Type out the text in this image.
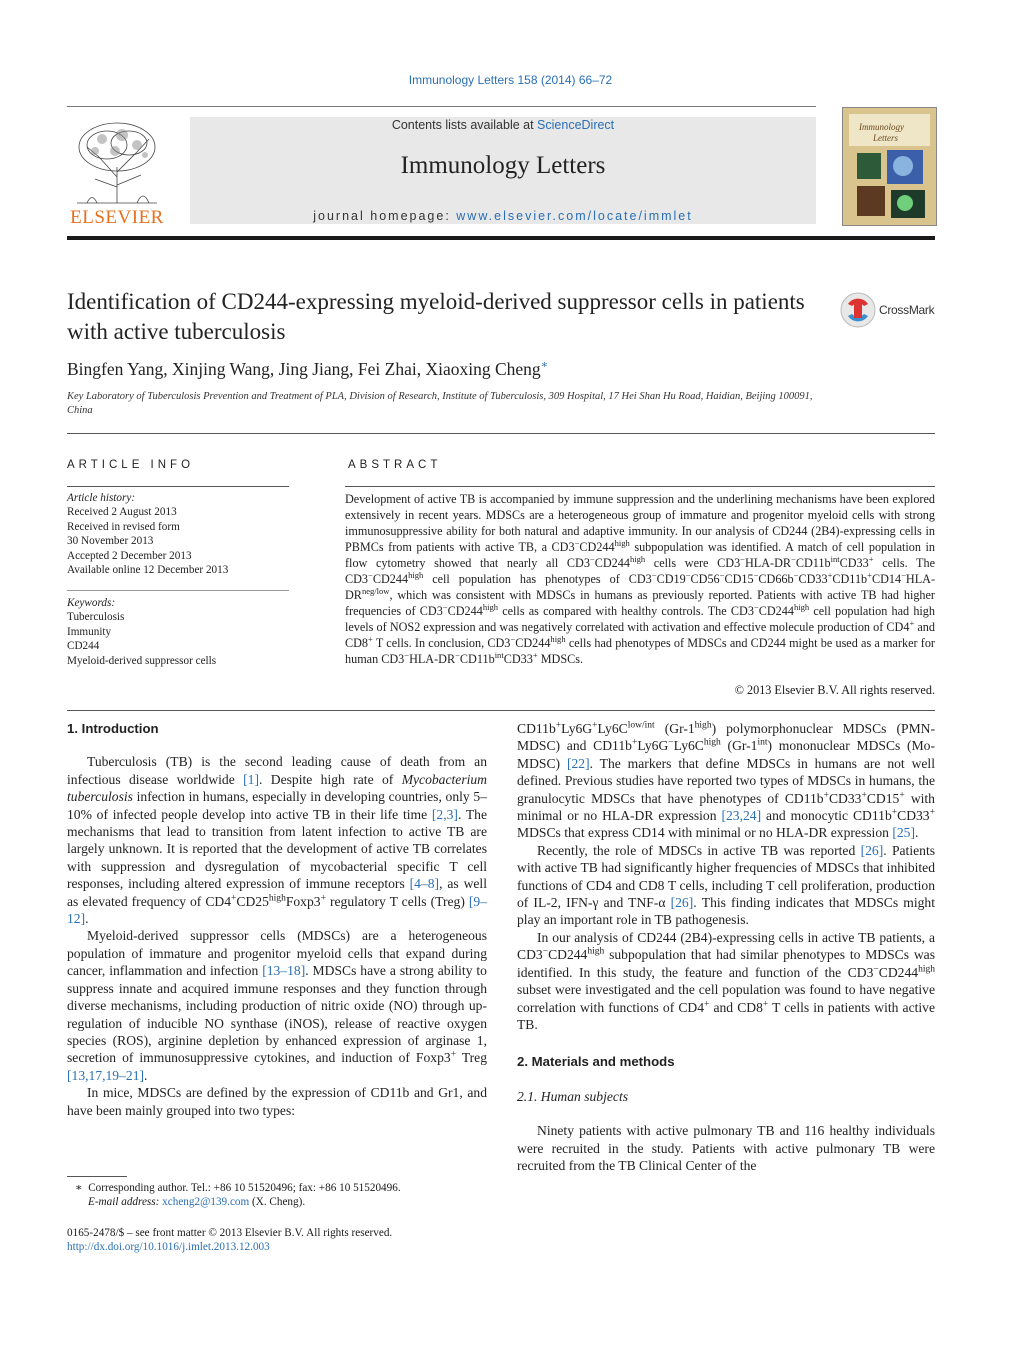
Immunology Letters 158 (2014) 66–72
ELSEVIER
Contents lists available at ScienceDirect
Immunology Letters
journal homepage: www.elsevier.com/locate/immlet
Immunology
Letters
Identification of CD244-expressing myeloid-derived suppressor cells in patients with active tuberculosis
CrossMark
Bingfen Yang, Xinjing Wang, Jing Jiang, Fei Zhai, Xiaoxing Cheng∗
Key Laboratory of Tuberculosis Prevention and Treatment of PLA, Division of Research, Institute of Tuberculosis, 309 Hospital, 17 Hei Shan Hu Road, Haidian, Beijing 100091, China
ARTICLE INFO	ABSTRACT
Article history:
Received 2 August 2013
Received in revised form
30 November 2013
Accepted 2 December 2013
Available online 12 December 2013
Keywords:
Tuberculosis
Immunity
CD244
Myeloid-derived suppressor cells
Development of active TB is accompanied by immune suppression and the underlining mechanisms have been explored extensively in recent years. MDSCs are a heterogeneous group of immature and progenitor myeloid cells with strong immunosuppressive ability for both natural and adaptive immunity. In our analysis of CD244 (2B4)-expressing cells in PBMCs from patients with active TB, a $CD3^-CD244^{high}$ subpopulation was identified. A match of cell population in flow cytometry showed that nearly all $CD3^-CD244^{high}$ cells were $CD3^-HLA-DR^-CD11b^{int}CD33^+$ cells. The $CD3^-CD244^{high}$ cell population has phenotypes of $CD3^-CD19^-CD56^-CD15^-CD66b^-CD33^+CD11b^+CD14^-HLA-DR^{neg/low}$, which was consistent with MDSCs in humans as previously reported. Patients with active TB had higher frequencies of $CD3^-CD244^{high}$ cells as compared with healthy controls. The $CD3^-CD244^{high}$ cell population had high levels of NOS2 expression and was negatively correlated with activation and effective molecule production of CD4+ and CD8+ T cells. In conclusion, $CD3^-CD244^{high}$ cells had phenotypes of MDSCs and CD244 might be used as a marker for human $CD3^-HLA-DR^-CD11b^{int}CD33^+$ MDSCs.
© 2013 Elsevier B.V. All rights reserved.
1. Introduction

Tuberculosis (TB) is the second leading cause of death from an infectious disease worldwide [1]. Despite high rate of Mycobacterium tuberculosis infection in humans, especially in developing countries, only 5–10% of infected people develop into active TB in their life time [2,3]. The mechanisms that lead to transition from latent infection to active TB are largely unknown. It is reported that the development of active TB correlates with suppression and dysregulation of mycobacterial specific T cell responses, including altered expression of immune receptors [4–8], as well as elevated frequency of $CD4^+CD25^{high}Foxp3^+$ regulatory T cells (Treg) [9–12].

Myeloid-derived suppressor cells (MDSCs) are a heterogeneous population of immature and progenitor myeloid cells that expand during cancer, inflammation and infection [13–18]. MDSCs have a strong ability to suppress innate and acquired immune responses and they function through diverse mechanisms, including production of nitric oxide (NO) through up-regulation of inducible NO synthase (iNOS), release of reactive oxygen species (ROS), arginine depletion by enhanced expression of arginase 1, secretion of immunosuppressive cytokines, and induction of Foxp3+ Treg [13,17,19–21].

In mice, MDSCs are defined by the expression of CD11b and Gr1, and have been mainly grouped into two types:

∗ Corresponding author. Tel.: +86 10 51520496; fax: +86 10 51520496.
E-mail address: xcheng2@139.com (X. Cheng).
0165-2478/$ – see front matter © 2013 Elsevier B.V. All rights reserved.
http://dx.doi.org/10.1016/j.imlet.2013.12.003

$CD11b^+Ly6G^+Ly6C^{low/int}$ $(Gr-1^{high})$ polymorphonuclear MDSCs (PMN-MDSC) and $CD11b^+Ly6G^-Ly6C^{high}$ $(Gr-1^{int})$ mononuclear MDSCs (Mo-MDSC) [22]. The markers that define MDSCs in humans are not well defined. Previous studies have reported two types of MDSCs in humans, the granulocytic MDSCs that have phenotypes of CD11b+CD33+CD15+ with minimal or no HLA-DR expression [23,24] and monocytic CD11b+CD33+ MDSCs that express CD14 with minimal or no HLA-DR expression [25].

Recently, the role of MDSCs in active TB was reported [26]. Patients with active TB had significantly higher frequencies of MDSCs that inhibited functions of CD4 and CD8 T cells, including T cell proliferation, production of IL-2, IFN-γ and TNF-α [26]. This finding indicates that MDSCs might play an important role in TB pathogenesis.

In our analysis of CD244 (2B4)-expressing cells in active TB patients, a $CD3^-CD244^{high}$ subpopulation that had similar phenotypes to MDSCs was identified. In this study, the feature and function of the $CD3^-CD244^{high}$ subset were investigated and the cell population was found to have negative correlation with functions of CD4+ and CD8+ T cells in patients with active TB.

2. Materials and methods
2.1. Human subjects

Ninety patients with active pulmonary TB and 116 healthy individuals were recruited in the study. Patients with active pulmonary TB were recruited from the TB Clinical Center of the
